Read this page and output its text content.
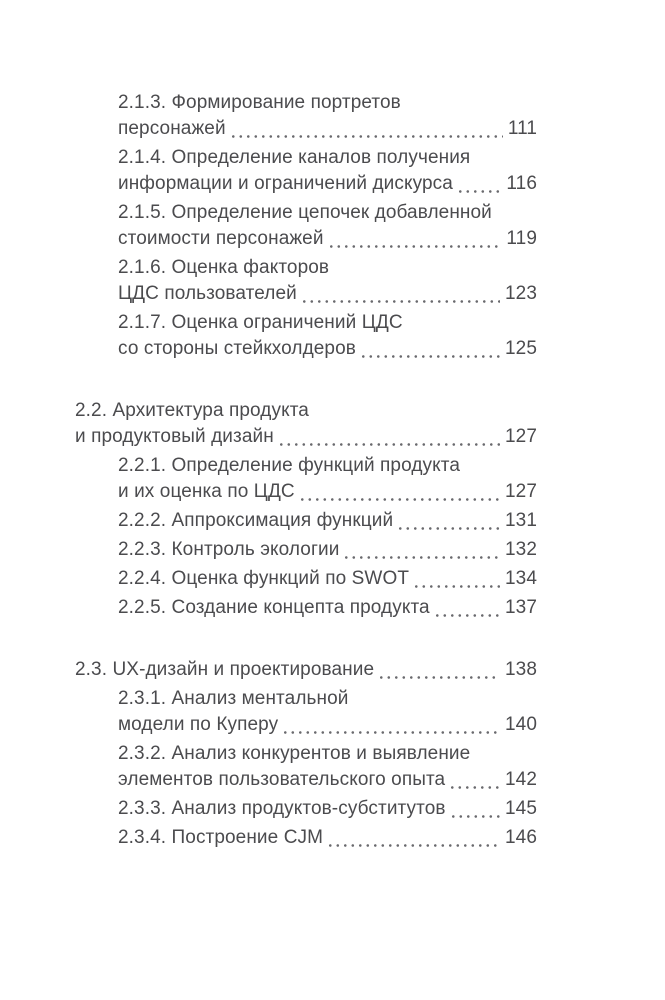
2.1.3. Формирование портретов
персонажей	111
2.1.4. Определение каналов получения
информации и ограничений дискурса	116
2.1.5. Определение цепочек добавленной
стоимости персонажей	119
2.1.6. Оценка факторов
ЦДС пользователей	123
2.1.7. Оценка ограничений ЦДС
со стороны стейкхолдеров	125
2.2. Архитектура продукта
и продуктовый дизайн	127
2.2.1. Определение функций продукта
и их оценка по ЦДС	127
2.2.2. Аппроксимация функций	131
2.2.3. Контроль экологии	132
2.2.4. Оценка функций по SWOT	134
2.2.5. Создание концепта продукта	137
2.3. UX-дизайн и проектирование	138
2.3.1. Анализ ментальной
модели по Куперу	140
2.3.2. Анализ конкурентов и выявление
элементов пользовательского опыта	142
2.3.3. Анализ продуктов-субститутов	145
2.3.4. Построение CJM	146
